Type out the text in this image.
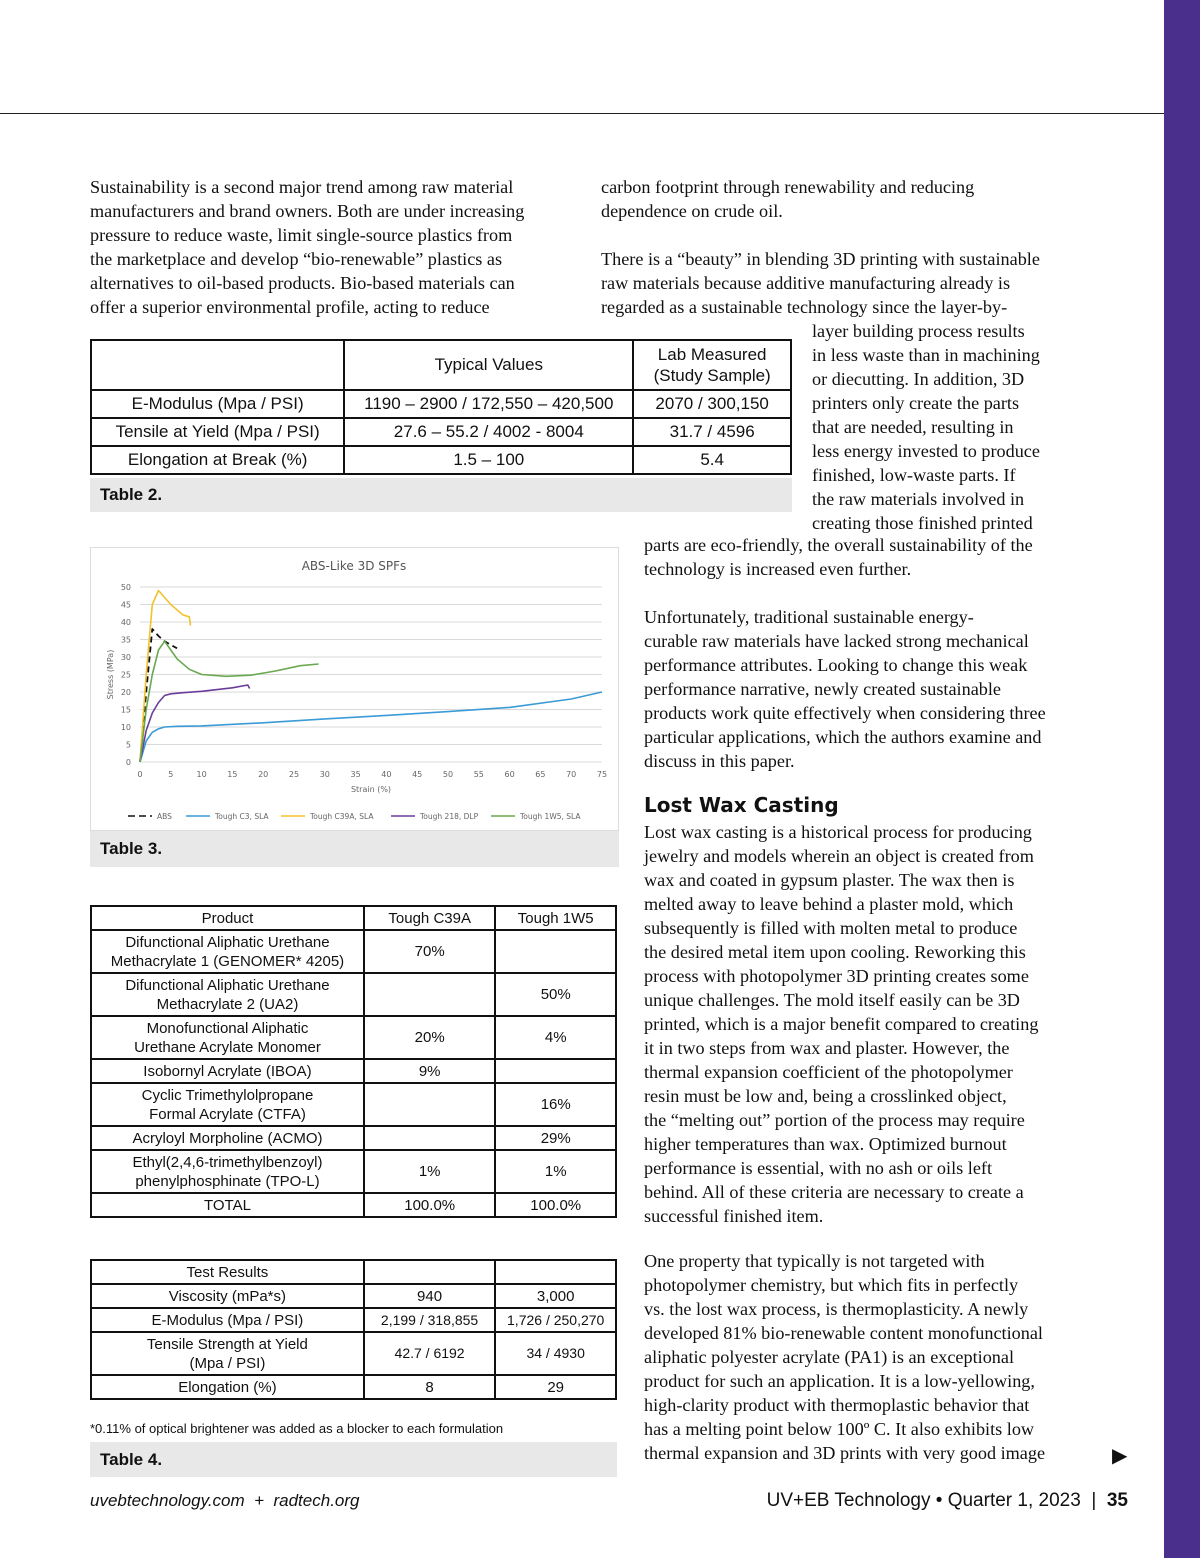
Sustainability is a second major trend among raw material
manufacturers and brand owners. Both are under increasing
pressure to reduce waste, limit single-source plastics from
the marketplace and develop “bio-renewable” plastics as
alternatives to oil-based products. Bio-based materials can
offer a superior environmental profile, acting to reduce

carbon footprint through renewability and reducing
dependence on crude oil.

There is a “beauty” in blending 3D printing with sustainable
raw materials because additive manufacturing already is
regarded as a sustainable technology since the layer-by-

layer building process results
in less waste than in machining
or diecutting. In addition, 3D
printers only create the parts
that are needed, resulting in
less energy invested to produce
finished, low-waste parts. If
the raw materials involved in
creating those finished printed

parts are eco-friendly, the overall sustainability of the
technology is increased even further.

Unfortunately, traditional sustainable energy-
curable raw materials have lacked strong mechanical
performance attributes. Looking to change this weak
performance narrative, newly created sustainable
products work quite effectively when considering three
particular applications, which the authors examine and
discuss in this paper.

Lost Wax Casting

Lost wax casting is a historical process for producing
jewelry and models wherein an object is created from
wax and coated in gypsum plaster. The wax then is
melted away to leave behind a plaster mold, which
subsequently is filled with molten metal to produce
the desired metal item upon cooling. Reworking this
process with photopolymer 3D printing creates some
unique challenges. The mold itself easily can be 3D
printed, which is a major benefit compared to creating
it in two steps from wax and plaster. However, the
thermal expansion coefficient of the photopolymer
resin must be low and, being a crosslinked object,
the “melting out” portion of the process may require
higher temperatures than wax. Optimized burnout
performance is essential, with no ash or oils left
behind. All of these criteria are necessary to create a
successful finished item.

One property that typically is not targeted with
photopolymer chemistry, but which fits in perfectly
vs. the lost wax process, is thermoplasticity. A newly
developed 81% bio-renewable content monofunctional
aliphatic polyester acrylate (PA1) is an exceptional
product for such an application. It is a low-yellowing,
high-clarity product with thermoplastic behavior that
has a melting point below 100º C. It also exhibits low
thermal expansion and 3D prints with very good image

	Typical Values	Lab Measured
(Study Sample)
E-Modulus (Mpa / PSI)	1190 – 2900 / 172,550 – 420,500	2070 / 300,150
Tensile at Yield (Mpa / PSI)	27.6 – 55.2 / 4002 - 8004	31.7 / 4596
Elongation at Break (%)	1.5 – 100	5.4
Table 2.
ABS-Like 3D SPFs
0
5
10
15
20
25
30
35
40
45
50
0	5	10	15	20	25	30	35	40	45	50	55	60	65	70	75
Strain (%)
Stress (MPa)
ABS	Tough C3, SLA	Tough C39A, SLA	Tough 218, DLP	Tough 1W5, SLA
Table 3.
Product	Tough C39A	Tough 1W5
Difunctional Aliphatic Urethane
Methacrylate 1 (GENOMER* 4205)	70%	
Difunctional Aliphatic Urethane
Methacrylate 2 (UA2)		50%
Monofunctional Aliphatic
Urethane Acrylate Monomer	20%	4%
Isobornyl Acrylate (IBOA)	9%	
Cyclic Trimethylolpropane
Formal Acrylate (CTFA)		16%
Acryloyl Morpholine (ACMO)		29%
Ethyl(2,4,6-trimethylbenzoyl)
phenylphosphinate (TPO-L)	1%	1%
TOTAL	100.0%	100.0%
Test Results		
Viscosity (mPa*s)	940	3,000
E-Modulus (Mpa / PSI)	2,199 / 318,855	1,726 / 250,270
Tensile Strength at Yield
(Mpa / PSI)	42.7 / 6192	34 / 4930
Elongation (%)	8	29
*0.11% of optical brightener was added as a blocker to each formulation
Table 4.	▶
uvebtechnology.com  +  radtech.org	UV+EB Technology • Quarter 1, 2023  |  35
